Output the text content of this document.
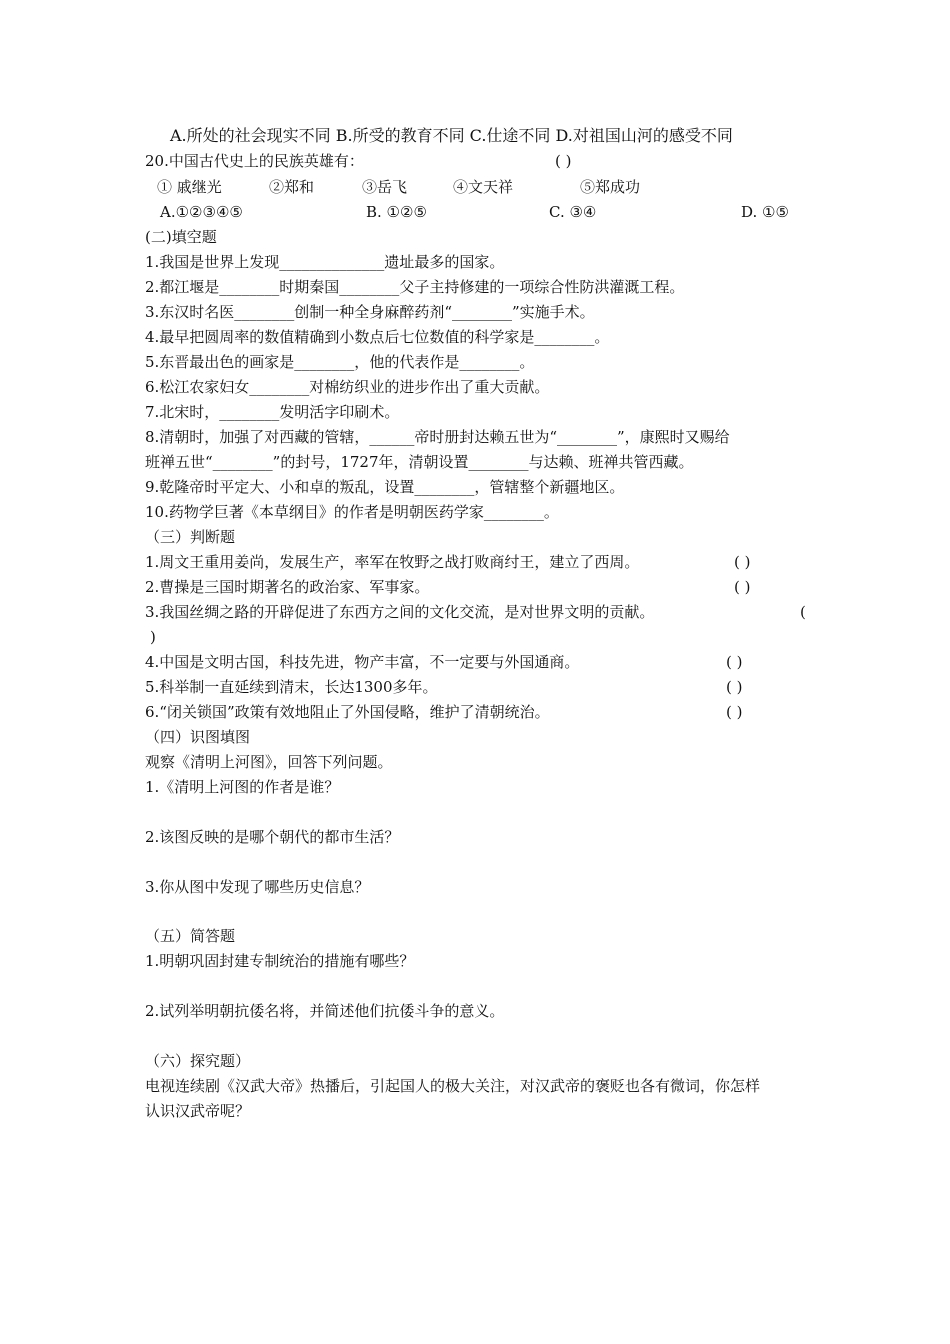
A.所处的社会现实不同 B.所受的教育不同 C.仕途不同 D.对祖国山河的感受不同
20.中国古代史上的民族英雄有：	( )
① 戚继光	②郑和	③岳飞	④文天祥	⑤郑成功
A.①②③④⑤	B. ①②⑤	C. ③④	D. ①⑤
(二)填空题
1.我国是世界上发现______________遗址最多的国家。
2.都江堰是________时期秦国________父子主持修建的一项综合性防洪灌溉工程。
3.东汉时名医________创制一种全身麻醉药剂“________”实施手术。
4.最早把圆周率的数值精确到小数点后七位数值的科学家是________。
5.东晋最出色的画家是________，他的代表作是________。
6.松江农家妇女________对棉纺织业的进步作出了重大贡献。
7.北宋时，________发明活字印刷术。
8.清朝时，加强了对西藏的管辖，______帝时册封达赖五世为“________”，康熙时又赐给
班禅五世“________”的封号，1727年，清朝设置________与达赖、班禅共管西藏。
9.乾隆帝时平定大、小和卓的叛乱，设置________，管辖整个新疆地区。
10.药物学巨著《本草纲目》的作者是明朝医药学家________。
（三）判断题
1.周文王重用姜尚，发展生产，率军在牧野之战打败商纣王，建立了西周。	( )
2.曹操是三国时期著名的政治家、军事家。	( )
3.我国丝绸之路的开辟促进了东西方之间的文化交流，是对世界文明的贡献。	(
)
4.中国是文明古国，科技先进，物产丰富，不一定要与外国通商。	( )
5.科举制一直延续到清末，长达1300多年。	( )
6.“闭关锁国”政策有效地阻止了外国侵略，维护了清朝统治。	( )
（四）识图填图
观察《清明上河图》，回答下列问题。
1.《清明上河图的作者是谁？
2.该图反映的是哪个朝代的都市生活？
3.你从图中发现了哪些历史信息？
（五）简答题
1.明朝巩固封建专制统治的措施有哪些？
2.试列举明朝抗倭名将，并简述他们抗倭斗争的意义。
（六）探究题）
电视连续剧《汉武大帝》热播后，引起国人的极大关注，对汉武帝的褒贬也各有微词，你怎样
认识汉武帝呢？
